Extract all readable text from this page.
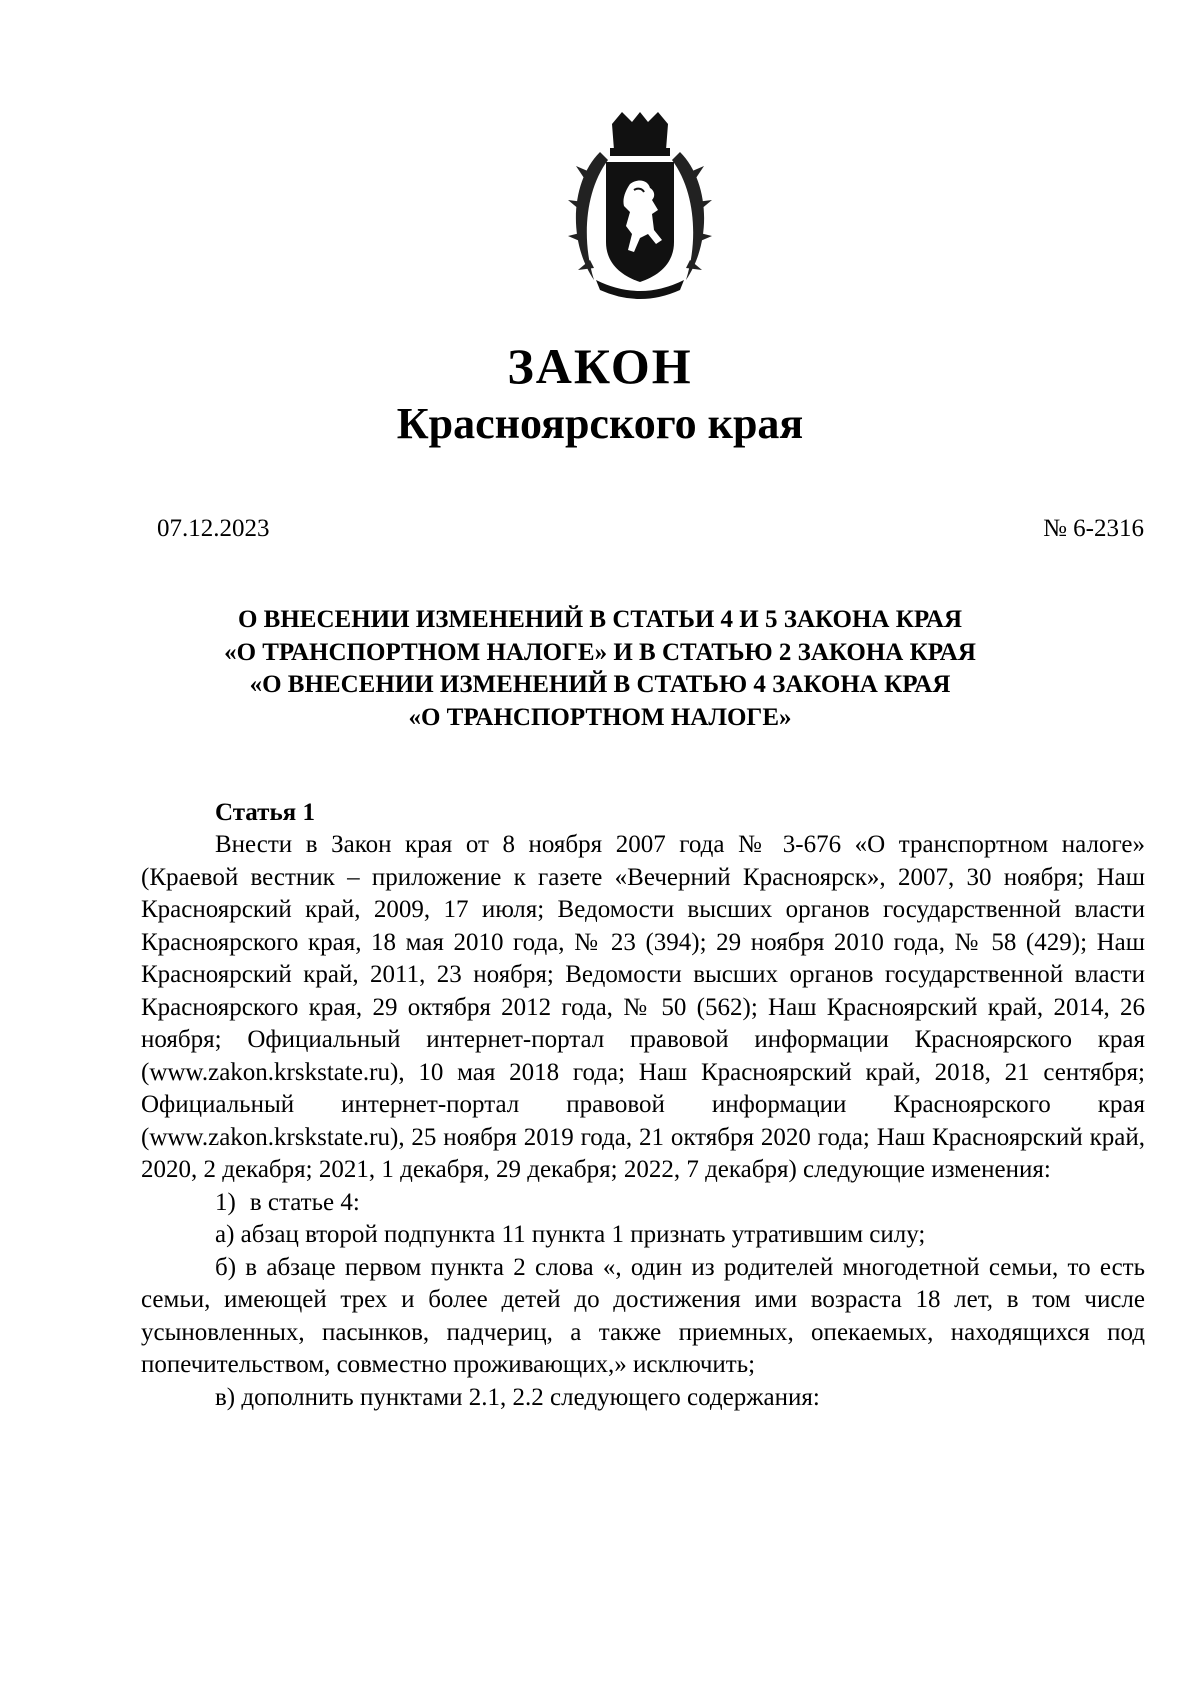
ЗАКОН
Красноярского края
07.12.2023	№ 6-2316
О ВНЕСЕНИИ ИЗМЕНЕНИЙ В СТАТЬИ 4 И 5 ЗАКОНА КРАЯ
«О ТРАНСПОРТНОМ НАЛОГЕ» И В СТАТЬЮ 2 ЗАКОНА КРАЯ
«О ВНЕСЕНИИ ИЗМЕНЕНИЙ В СТАТЬЮ 4 ЗАКОНА КРАЯ
«О ТРАНСПОРТНОМ НАЛОГЕ»
Статья 1

Внести в Закон края от 8 ноября 2007 года № 3-676 «О транспортном налоге» (Краевой вестник – приложение к газете «Вечерний Красноярск», 2007, 30 ноября; Наш Красноярский край, 2009, 17 июля; Ведомости высших органов государственной власти Красноярского края, 18 мая 2010 года, № 23 (394); 29 ноября 2010 года, № 58 (429); Наш Красноярский край, 2011, 23 ноября; Ведомости высших органов государственной власти Красноярского края, 29 октября 2012 года, № 50 (562); Наш Красноярский край, 2014, 26 ноября; Официальный интернет-портал правовой информации Красноярского края (www.zakon.krskstate.ru), 10 мая 2018 года; Наш Красноярский край, 2018, 21 сентября; Официальный интернет-портал правовой информации Красноярского края (www.zakon.krskstate.ru), 25 ноября 2019 года, 21 октября 2020 года; Наш Красноярский край, 2020, 2 декабря; 2021, 1 декабря, 29 декабря; 2022, 7 декабря) следующие изменения:

1) в статье 4:

а) абзац второй подпункта 11 пункта 1 признать утратившим силу;

б) в абзаце первом пункта 2 слова «, один из родителей многодетной семьи, то есть семьи, имеющей трех и более детей до достижения ими возраста 18 лет, в том числе усыновленных, пасынков, падчериц, а также приемных, опекаемых, находящихся под попечительством, совместно проживающих,» исключить;

в) дополнить пунктами 2.1, 2.2 следующего содержания:
